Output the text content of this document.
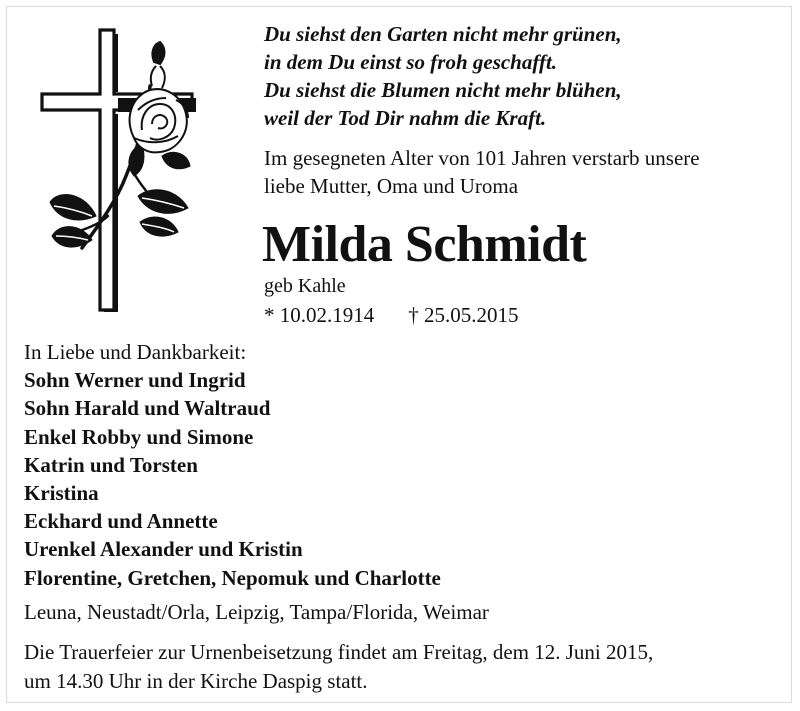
Du siehst den Garten nicht mehr grünen,
in dem Du einst so froh geschafft.
Du siehst die Blumen nicht mehr blühen,
weil der Tod Dir nahm die Kraft.
Im gesegneten Alter von 101 Jahren verstarb unsere
liebe Mutter, Oma und Uroma
Milda Schmidt
geb Kahle
* 10.02.1914 † 25.05.2015
In Liebe und Dankbarkeit:
Sohn Werner und Ingrid
Sohn Harald und Waltraud
Enkel Robby und Simone
Katrin und Torsten
Kristina
Eckhard und Annette
Urenkel Alexander und Kristin
Florentine, Gretchen, Nepomuk und Charlotte
Leuna, Neustadt/Orla, Leipzig, Tampa/Florida, Weimar
Die Trauerfeier zur Urnenbeisetzung findet am Freitag, dem 12. Juni 2015,
um 14.30 Uhr in der Kirche Daspig statt.
